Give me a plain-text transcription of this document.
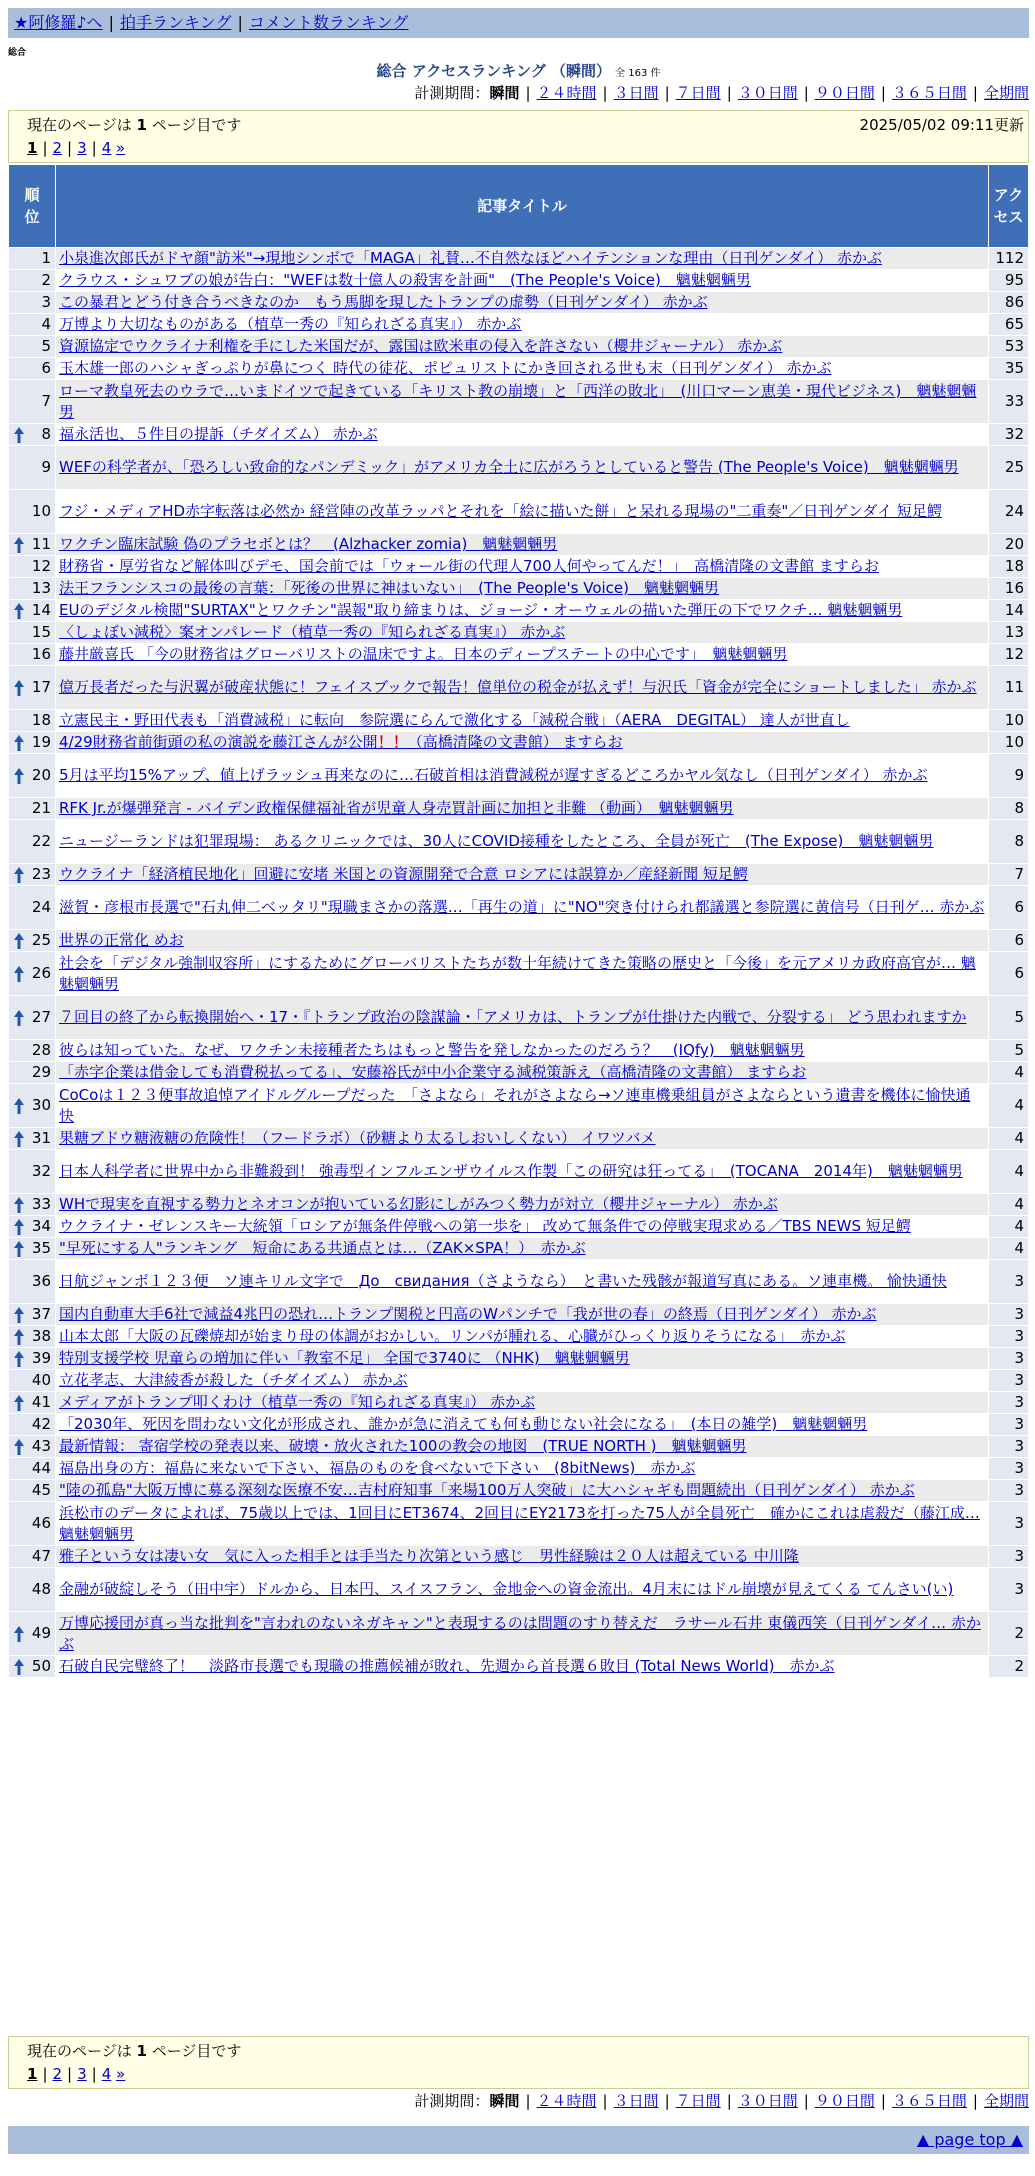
★阿修羅♪へ | 拍手ランキング | コメント数ランキング
総合
総合 アクセスランキング （瞬間） 全 163 件
計測期間：瞬間 | ２４時間 | ３日間 | ７日間 | ３０日間 | ９０日間 | ３６５日間 | 全期間
現在のページは 1 ページ目です	2025/05/02 09:11更新
1 | 2 | 3 | 4 »
順
位	記事タイトル	アク
セス
1	小泉進次郎氏がドヤ顔"訪米"→現地シンボで「MAGA」礼賛…不自然なほどハイテンションな理由（日刊ゲンダイ） 赤かぶ	112
2	クラウス・シュワブの娘が告白："WEFは数十億人の殺害を計画"　(The People's Voice)　魑魅魍魎男	95
3	この暴君とどう付き合うべきなのか　もう馬脚を現したトランプの虚勢（日刊ゲンダイ） 赤かぶ	86
4	万博より大切なものがある（植草一秀の『知られざる真実』） 赤かぶ	65
5	資源協定でウクライナ利権を手にした米国だが、露国は欧米車の侵入を許さない（櫻井ジャーナル） 赤かぶ	53
6	玉木雄一郎のハシャぎっぷりが鼻につく 時代の徒花、ポピュリストにかき回される世も末（日刊ゲンダイ） 赤かぶ	35
7	ローマ教皇死去のウラで…いまドイツで起きている「キリスト教の崩壊」と「西洋の敗北」　(川口マーン恵美・現代ビジネス)　魑魅魍魎男	33

8	福永活也、５件目の提訴（チダイズム） 赤かぶ	32
9	WEFの科学者が、「恐ろしい致命的なパンデミック」がアメリカ全土に広がろうとしていると警告 (The People's Voice)　魑魅魍魎男	25
10	フジ・メディアHD赤字転落は必然か 経営陣の改革ラッパとそれを「絵に描いた餅」と呆れる現場の"二重奏"／日刊ゲンダイ 短足鰐	24

11	ワクチン臨床試験 偽のプラセボとは？　(Alzhacker zomia)　魑魅魍魎男	20
12	財務省・厚労省など解体叫びデモ、国会前では「ウォール街の代理人700人何やってんだ！」　高橋清隆の文書館 ますらお	18
13	法王フランシスコの最後の言葉：「死後の世界に神はいない」　(The People's Voice)　魑魅魍魎男	16

14	EUのデジタル検閲"SURTAX"とワクチン"誤報"取り締まりは、ジョージ・オーウェルの描いた弾圧の下でワクチ… 魑魅魍魎男	14
15	〈しょぼい減税〉案オンパレード（植草一秀の『知られざる真実』） 赤かぶ	13
16	藤井厳喜氏 「今の財務省はグローバリストの温床ですよ。日本のディープステートの中心です」　魑魅魍魎男	12

17	億万長者だった与沢翼が破産状態に！フェイスブックで報告！億単位の税金が払えず！与沢氏「資金が完全にショートしました」 赤かぶ	11
18	立憲民主・野田代表も「消費減税」に転向　参院選にらんで激化する「減税合戦」（AERA　DEGITAL） 達人が世直し	10

19	4/29財務省前街頭の私の演説を藤江さんが公開！！（高橋清隆の文書館） ますらお	10

20	5月は平均15%アップ、値上げラッシュ再来なのに…石破首相は消費減税が遅すぎるどころかヤル気なし（日刊ゲンダイ） 赤かぶ	9
21	RFK Jr.が爆弾発言 - バイデン政権保健福祉省が児童人身売買計画に加担と非難 （動画）　魑魅魍魎男	8
22	ニュージーランドは犯罪現場： あるクリニックでは、30人にCOVID接種をしたところ、全員が死亡　(The Expose)　魑魅魍魎男	8

23	ウクライナ「経済植民地化」回避に安堵 米国との資源開発で合意 ロシアには誤算か／産経新聞 短足鰐	7
24	滋賀・彦根市長選で"石丸伸二ベッタリ"現職まさかの落選…「再生の道」に"NO"突き付けられ都議選と参院選に黄信号（日刊ゲ… 赤かぶ	6

25	世界の正常化 めお	6

26	社会を「デジタル強制収容所」にするためにグローバリストたちが数十年続けてきた策略の歴史と「今後」を元アメリカ政府高官が… 魑魅魍魎男	6

27	７回目の終了から転換開始へ・17・『トランプ政治の陰謀論・「アメリカは、トランプが仕掛けた内戦で、分裂する」 どう思われますか	5
28	彼らは知っていた。なぜ、ワクチン未接種者たちはもっと警告を発しなかったのだろう？　(IQfy)　魑魅魍魎男	5
29	「赤字企業は借金しても消費税払ってる」、安藤裕氏が中小企業守る減税策訴え（高橋清隆の文書館） ますらお	4

30	CoCoは１２３便事故追悼アイドルグループだった　「さよなら」それがさよなら→ソ連車機乗組員がさよならという遺書を機体に愉快通快	4

31	果糖ブドウ糖液糖の危険性！（フードラボ）（砂糖より太るしおいしくない） イワツバメ	4
32	日本人科学者に世界中から非難殺到！ 強毒型インフルエンザウイルス作製「この研究は狂ってる」　(TOCANA　2014年)　魑魅魍魎男	4

33	WHで現実を直視する勢力とネオコンが抱いている幻影にしがみつく勢力が対立（櫻井ジャーナル） 赤かぶ	4

34	ウクライナ・ゼレンスキー大統領「ロシアが無条件停戦への第一歩を」 改めて無条件での停戦実現求める／TBS NEWS 短足鰐	4

35	"早死にする人"ランキング　短命にある共通点とは…（ZAK×SPA！）　赤かぶ	4
36	日航ジャンボ１２３便　ソ連キリル文字で　До　свидания（さようなら）　と書いた残骸が報道写真にある。ソ連車機。 愉快通快	3

37	国内自動車大手6社で減益4兆円の恐れ…トランプ関税と円高のWパンチで「我が世の春」の終焉（日刊ゲンダイ） 赤かぶ	3

38	山本太郎「大阪の瓦礫焼却が始まり母の体調がおかしい。リンパが腫れる、心臓がひっくり返りそうになる」　赤かぶ	3

39	特別支援学校 児童らの増加に伴い「教室不足」 全国で3740に （NHK)　魑魅魍魎男	3
40	立花孝志、大津綾香が殺した（チダイズム） 赤かぶ	3

41	メディアがトランプ叩くわけ（植草一秀の『知られざる真実』） 赤かぶ	3
42	「2030年、死因を問わない文化が形成され、誰かが急に消えても何も動じない社会になる」　(本日の雑学)　魑魅魍魎男	3

43	最新情報： 寄宿学校の発表以来、破壊・放火された100の教会の地図　(TRUE NORTH )　魑魅魍魎男	3
44	福島出身の方：福島に来ないで下さい、福島のものを食べないで下さい　(8bitNews)　赤かぶ	3
45	"陸の孤島"大阪万博に募る深刻な医療不安…吉村府知事「来場100万人突破」に大ハシャギも問題続出（日刊ゲンダイ） 赤かぶ	3
46	浜松市のデータによれば、75歳以上では、1回目にET3674、2回目にEY2173を打った75人が全員死亡　確かにこれは虐殺だ（藤江成… 魑魅魍魎男	3
47	雅子という女は凄い女　気に入った相手とは手当たり次第という感じ　男性経験は２０人は超えている 中川隆	3
48	金融が破綻しそう（田中宇）ドルから、日本円、スイスフラン、金地金への資金流出。4月末にはドル崩壊が見えてくる てんさい(い)	3

49	万博応援団が真っ当な批判を"言われのないネガキャン"と表現するのは問題のすり替えだ　ラサール石井 東儀西笑（日刊ゲンダイ… 赤かぶ	2

50	石破自民完璧終了！　淡路市長選でも現職の推薦候補が敗れ、先週から首長選６敗目 (Total News World)　赤かぶ	2
現在のページは 1 ページ目です
1 | 2 | 3 | 4 »
計測期間：瞬間 | ２４時間 | ３日間 | ７日間 | ３０日間 | ９０日間 | ３６５日間 | 全期間
▲ page top ▲
